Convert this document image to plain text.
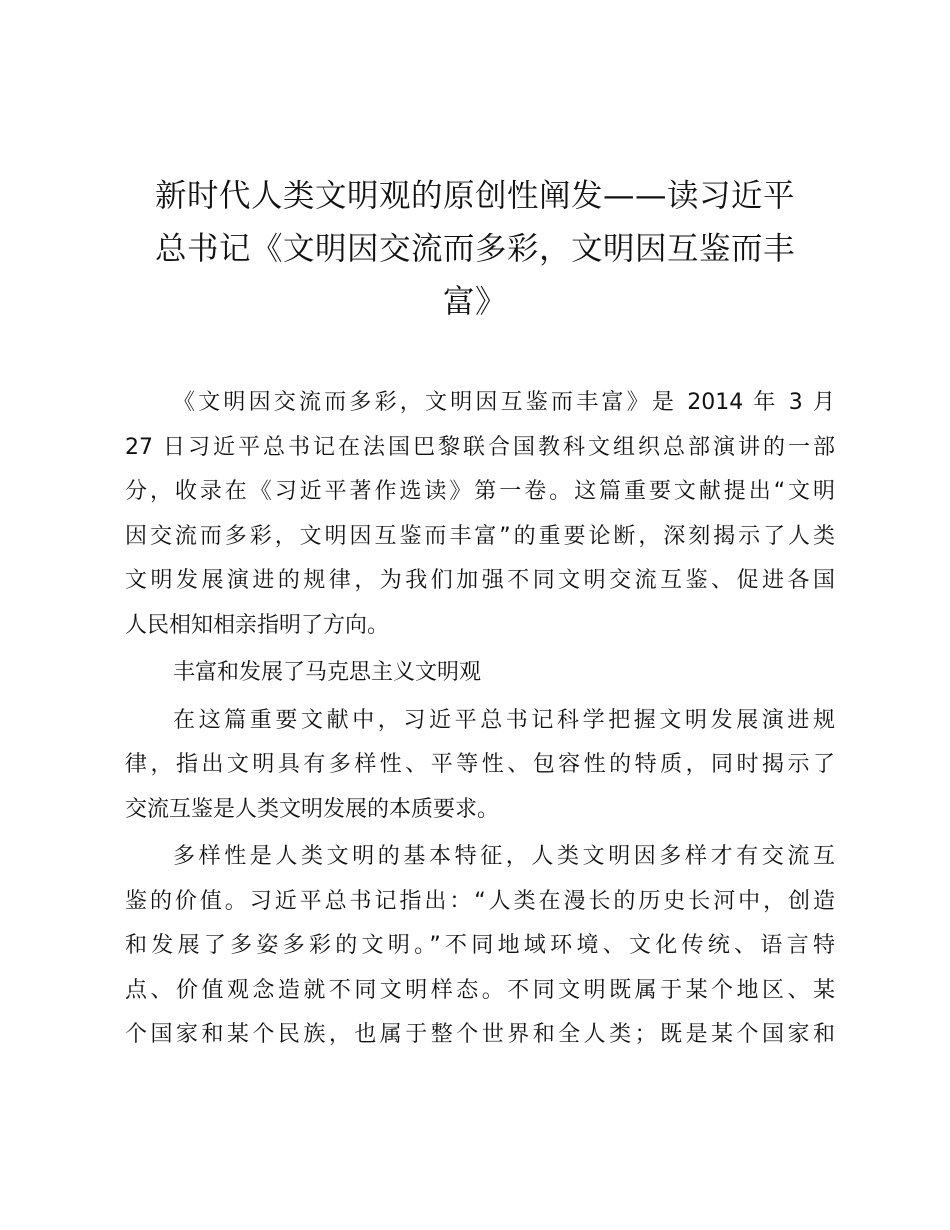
新时代人类文明观的原创性阐发——读习近平
总书记《文明因交流而多彩，文明因互鉴而丰
富》
《文明因交流而多彩，文明因互鉴而丰富》是 2014 年 3 月
27 日习近平总书记在法国巴黎联合国教科文组织总部演讲的一部
分，收录在《习近平著作选读》第一卷。这篇重要文献提出“文明
因交流而多彩，文明因互鉴而丰富”的重要论断，深刻揭示了人类
文明发展演进的规律，为我们加强不同文明交流互鉴、促进各国
人民相知相亲指明了方向。
丰富和发展了马克思主义文明观
在这篇重要文献中，习近平总书记科学把握文明发展演进规
律，指出文明具有多样性、平等性、包容性的特质，同时揭示了
交流互鉴是人类文明发展的本质要求。
多样性是人类文明的基本特征，人类文明因多样才有交流互
鉴的价值。习近平总书记指出：“人类在漫长的历史长河中，创造
和发展了多姿多彩的文明。”不同地域环境、文化传统、语言特
点、价值观念造就不同文明样态。不同文明既属于某个地区、某
个国家和某个民族，也属于整个世界和全人类；既是某个国家和
